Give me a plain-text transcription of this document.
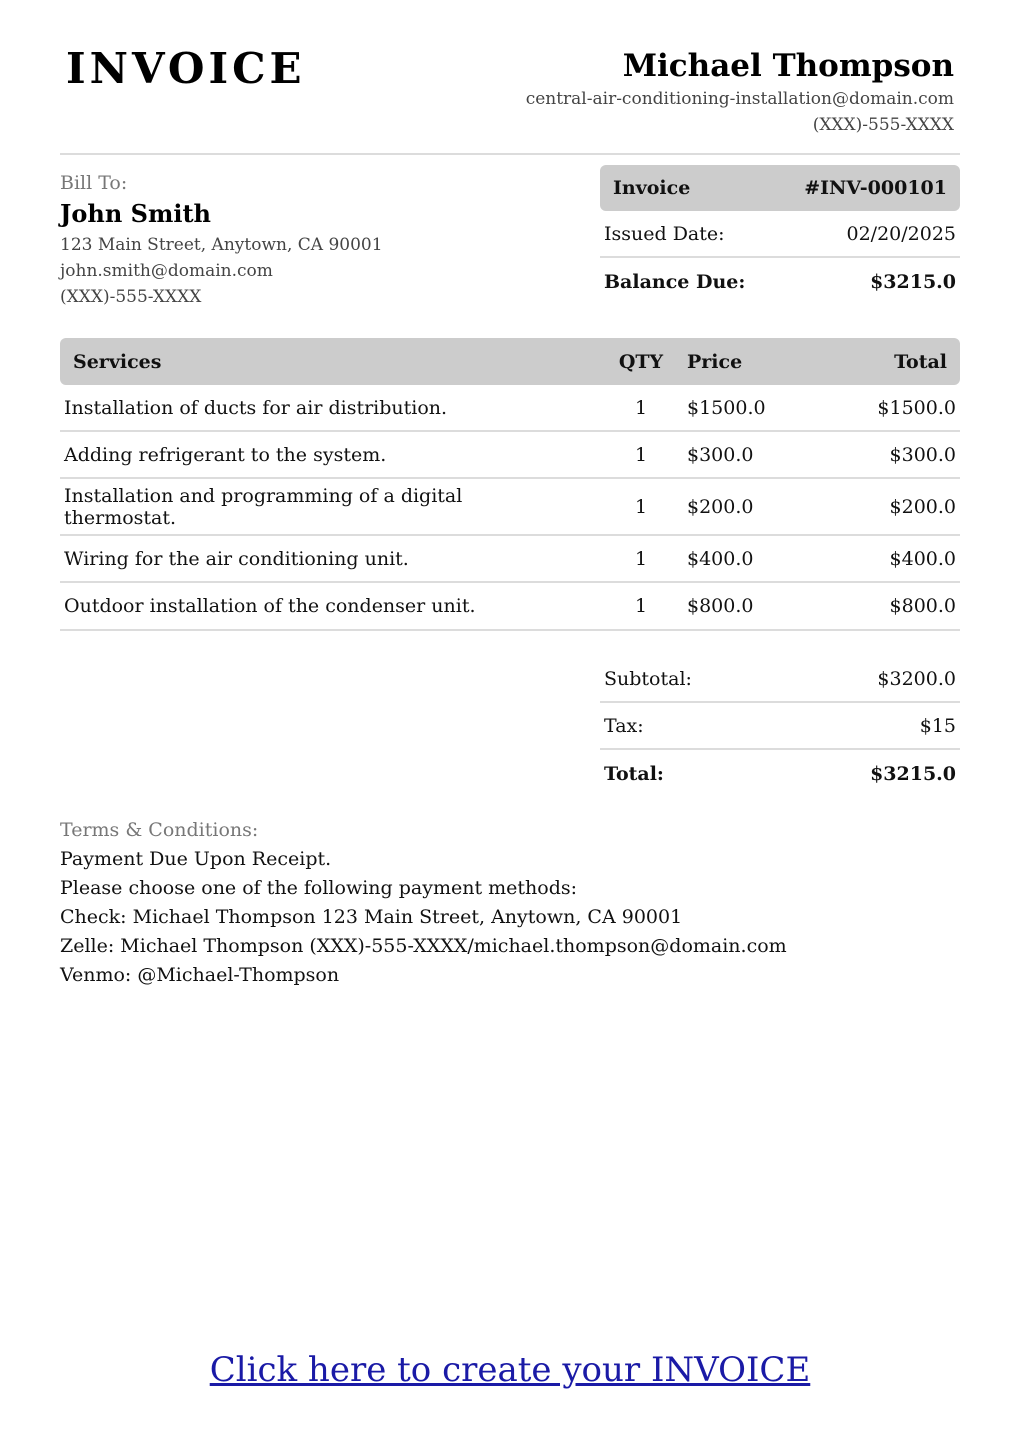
INVOICE	Michael Thompson
central-air-conditioning-installation@domain.com
(XXX)-555-XXXX
Bill To:
John Smith
123 Main Street, Anytown, CA 90001
john.smith@domain.com
(XXX)-555-XXXX
Invoice	#INV-000101
Issued Date:	02/20/2025
Balance Due:	$3215.0
Services	QTY	Price	Total
Installation of ducts for air distribution.	1	$1500.0	$1500.0
Adding refrigerant to the system.	1	$300.0	$300.0
Installation and programming of a digital thermostat.	1	$200.0	$200.0
Wiring for the air conditioning unit.	1	$400.0	$400.0
Outdoor installation of the condenser unit.	1	$800.0	$800.0
Subtotal:	$3200.0
Tax:	$15
Total:	$3215.0
Terms & Conditions:
Payment Due Upon Receipt.
Please choose one of the following payment methods:
Check: Michael Thompson 123 Main Street, Anytown, CA 90001
Zelle: Michael Thompson (XXX)-555-XXXX/michael.thompson@domain.com
Venmo: @Michael-Thompson
Click here to create your INVOICE
